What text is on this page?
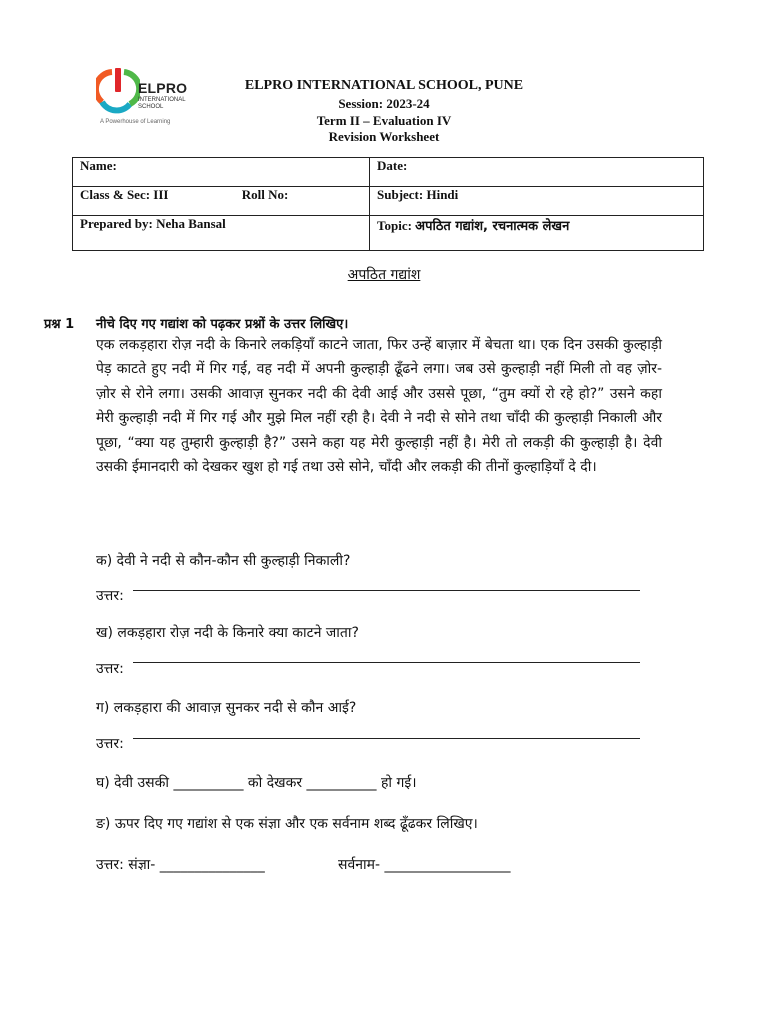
ELPRO
INTERNATIONAL
SCHOOL
A Powerhouse of Learning
ELPRO INTERNATIONAL SCHOOL, PUNE
Session: 2023-24
Term II – Evaluation IV
Revision Worksheet
Name:	Date:
Class & Sec: III Roll No:	Subject: Hindi
Prepared by: Neha Bansal	Topic: अपठित गद्यांश, रचनात्मक लेखन
अपठित गद्यांश
प्रश्न 1 नीचे दिए गए गद्यांश को पढ़कर प्रश्नों के उत्तर लिखिए।

एक लकड़हारा रोज़ नदी के किनारे लकड़ियाँ काटने जाता, फिर उन्हें बाज़ार में बेचता था। एक दिन उसकी कुल्हाड़ी पेड़ काटते हुए नदी में गिर गई, वह नदी में अपनी कुल्हाड़ी ढूँढने लगा। जब उसे कुल्हाड़ी नहीं मिली तो वह ज़ोर-ज़ोर से रोने लगा। उसकी आवाज़ सुनकर नदी की देवी आई और उससे पूछा, “तुम क्यों रो रहे हो?” उसने कहा मेरी कुल्हाड़ी नदी में गिर गई और मुझे मिल नहीं रही है। देवी ने नदी से सोने तथा चाँदी की कुल्हाड़ी निकाली और पूछा, “क्या यह तुम्हारी कुल्हाड़ी है?” उसने कहा यह मेरी कुल्हाड़ी नहीं है। मेरी तो लकड़ी की कुल्हाड़ी है। देवी उसकी ईमानदारी को देखकर खुश हो गई तथा उसे सोने, चाँदी और लकड़ी की तीनों कुल्हाड़ियाँ दे दी।

क) देवी ने नदी से कौन-कौन सी कुल्हाड़ी निकाली?
उत्तर:
ख) लकड़हारा रोज़ नदी के किनारे क्या काटने जाता?
उत्तर:
ग) लकड़हारा की आवाज़ सुनकर नदी से कौन आई?
उत्तर:
घ) देवी उसकी __________ को देखकर __________ हो गई।
ङ) ऊपर दिए गए गद्यांश से एक संज्ञा और एक सर्वनाम शब्द ढूँढकर लिखिए।
उत्तर: संज्ञा- _______________	सर्वनाम- __________________
